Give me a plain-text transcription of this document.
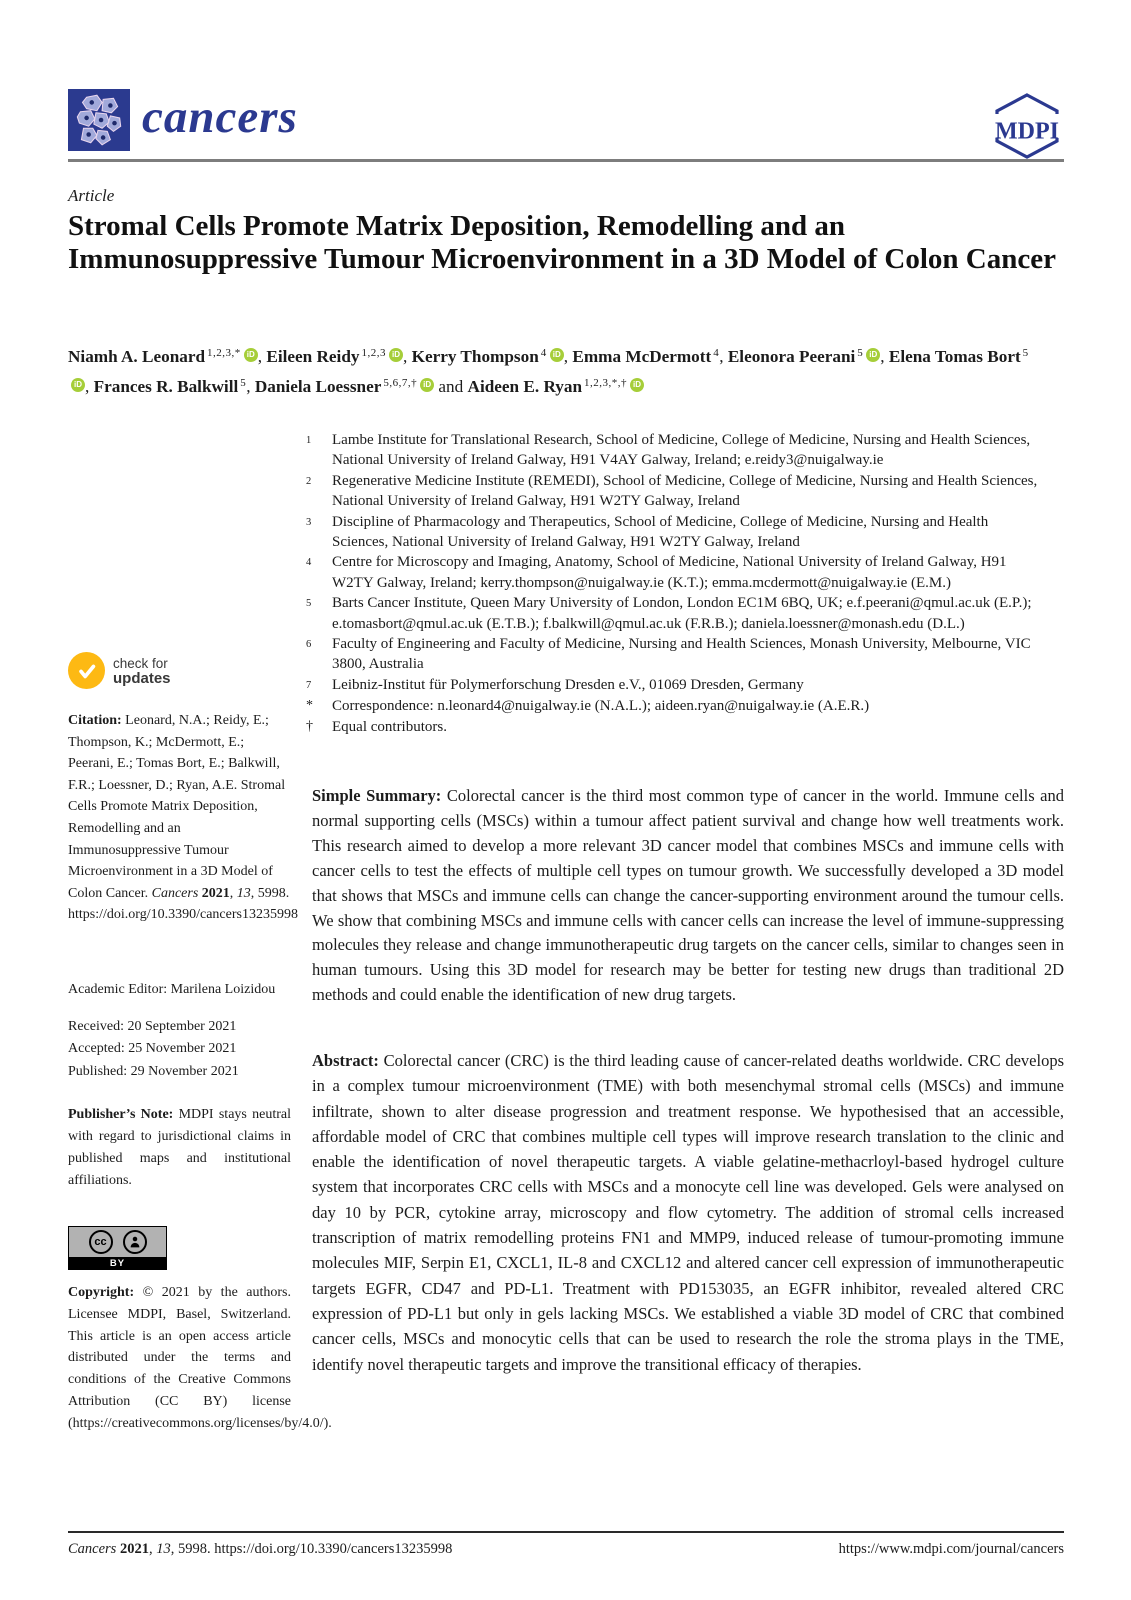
cancers	MDPI
Article
Stromal Cells Promote Matrix Deposition, Remodelling and an Immunosuppressive Tumour Microenvironment in a 3D Model of Colon Cancer

Niamh A. Leonard $^{1,2,3,*}$ iD , Eileen Reidy $^{1,2,3}$ iD , Kerry Thompson $^4$ iD , Emma McDermott $^4$, Eleonora Peerani $^5$ iD , Elena Tomas Bort $^5$iD , Frances R. Balkwill $^5$, Daniela Loessner $^{5,6,7,\dagger}$ iD and Aideen E. Ryan $^{1,2,3,*,\dagger}$ iD

1	Lambe Institute for Translational Research, School of Medicine, College of Medicine, Nursing and Health Sciences, National University of Ireland Galway, H91 V4AY Galway, Ireland; e.reidy3@nuigalway.ie
2	Regenerative Medicine Institute (REMEDI), School of Medicine, College of Medicine, Nursing and Health Sciences, National University of Ireland Galway, H91 W2TY Galway, Ireland
3	Discipline of Pharmacology and Therapeutics, School of Medicine, College of Medicine, Nursing and Health Sciences, National University of Ireland Galway, H91 W2TY Galway, Ireland
4	Centre for Microscopy and Imaging, Anatomy, School of Medicine, National University of Ireland Galway, H91 W2TY Galway, Ireland; kerry.thompson@nuigalway.ie (K.T.); emma.mcdermott@nuigalway.ie (E.M.)
5	Barts Cancer Institute, Queen Mary University of London, London EC1M 6BQ, UK; e.f.peerani@qmul.ac.uk (E.P.); e.tomasbort@qmul.ac.uk (E.T.B.); f.balkwill@qmul.ac.uk (F.R.B.); daniela.loessner@monash.edu (D.L.)
6	Faculty of Engineering and Faculty of Medicine, Nursing and Health Sciences, Monash University, Melbourne, VIC 3800, Australia
7	Leibniz-Institut für Polymerforschung Dresden e.V., 01069 Dresden, Germany
*	Correspondence: n.leonard4@nuigalway.ie (N.A.L.); aideen.ryan@nuigalway.ie (A.E.R.)
†	Equal contributors.

Simple Summary: Colorectal cancer is the third most common type of cancer in the world. Immune cells and normal supporting cells (MSCs) within a tumour affect patient survival and change how well treatments work. This research aimed to develop a more relevant 3D cancer model that combines MSCs and immune cells with cancer cells to test the effects of multiple cell types on tumour growth. We successfully developed a 3D model that shows that MSCs and immune cells can change the cancer-supporting environment around the tumour cells. We show that combining MSCs and immune cells with cancer cells can increase the level of immune-suppressing molecules they release and change immunotherapeutic drug targets on the cancer cells, similar to changes seen in human tumours. Using this 3D model for research may be better for testing new drugs than traditional 2D methods and could enable the identification of new drug targets.

Abstract: Colorectal cancer (CRC) is the third leading cause of cancer-related deaths worldwide. CRC develops in a complex tumour microenvironment (TME) with both mesenchymal stromal cells (MSCs) and immune infiltrate, shown to alter disease progression and treatment response. We hypothesised that an accessible, affordable model of CRC that combines multiple cell types will improve research translation to the clinic and enable the identification of novel therapeutic targets. A viable gelatine-methacrloyl-based hydrogel culture system that incorporates CRC cells with MSCs and a monocyte cell line was developed. Gels were analysed on day 10 by PCR, cytokine array, microscopy and flow cytometry. The addition of stromal cells increased transcription of matrix remodelling proteins FN1 and MMP9, induced release of tumour-promoting immune molecules MIF, Serpin E1, CXCL1, IL-8 and CXCL12 and altered cancer cell expression of immunotherapeutic targets EGFR, CD47 and PD-L1. Treatment with PD153035, an EGFR inhibitor, revealed altered CRC expression of PD-L1 but only in gels lacking MSCs. We established a viable 3D model of CRC that combined cancer cells, MSCs and monocytic cells that can be used to research the role the stroma plays in the TME, identify novel therapeutic targets and improve the transitional efficacy of therapies.

check for
updates

Citation: Leonard, N.A.; Reidy, E.; Thompson, K.; McDermott, E.; Peerani, E.; Tomas Bort, E.; Balkwill, F.R.; Loessner, D.; Ryan, A.E. Stromal Cells Promote Matrix Deposition, Remodelling and an Immunosuppressive Tumour Microenvironment in a 3D Model of Colon Cancer. Cancers 2021, 13, 5998. https://doi.org/10.3390/cancers13235998

Academic Editor: Marilena Loizidou

Received: 20 September 2021
Accepted: 25 November 2021
Published: 29 November 2021

Publisher’s Note: MDPI stays neutral with regard to jurisdictional claims in published maps and institutional affiliations.

cc
BY

Copyright: © 2021 by the authors. Licensee MDPI, Basel, Switzerland. This article is an open access article distributed under the terms and conditions of the Creative Commons Attribution (CC BY) license (https://creativecommons.org/licenses/by/4.0/).

Cancers 2021, 13, 5998. https://doi.org/10.3390/cancers13235998	https://www.mdpi.com/journal/cancers
